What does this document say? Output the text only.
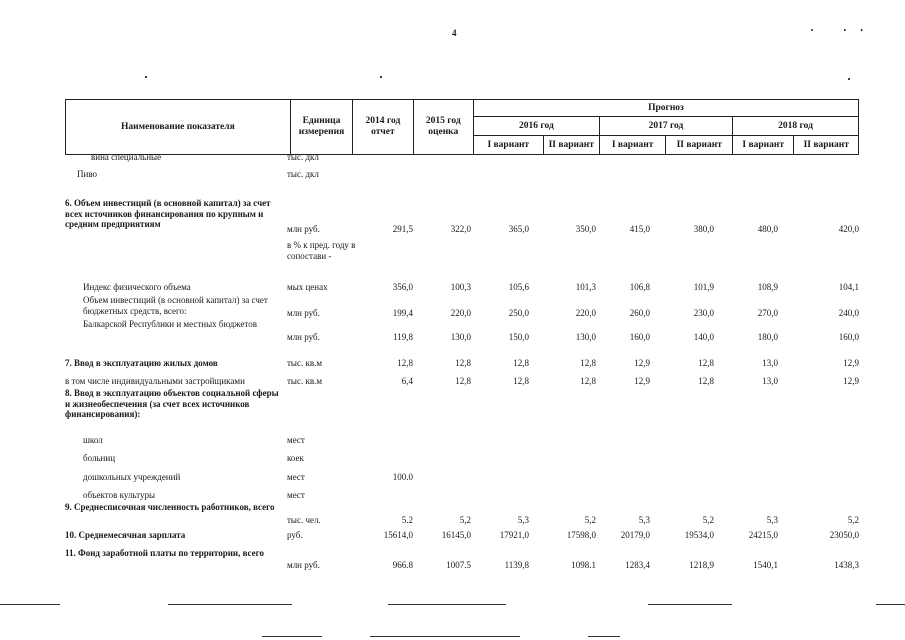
4	• ••
Наименование показателя	Единица измерения	2014 год отчет	2015 год оценка	Прогноз					
				2016 год		2017 год		2018 год	
				I вариант	II вариант	I вариант	II вариант	I вариант	II вариант
вина специальные	тыс. дкл
Пиво	тыс. дкл
6. Объем инвестиций (в основной капитал) за счет всех источников финансирования по крупным и средним предприятиям	млн руб.	291,5	322,0	365,0	350,0	415,0	380,0	480,0	420,0
в % к пред. году в сопостави -
Индекс физического объема	мых ценах	356,0	100,3	105,6	101,3	106,8	101,9	108,9	104,1
Объем инвестиций (в основной капитал) за счет бюджетных средств, всего:	млн руб.	199,4	220,0	250,0	220,0	260,0	230,0	270,0	240,0
Балкарской Республики и местных бюджетов
млн руб.	119,8	130,0	150,0	130,0	160,0	140,0	180,0	160,0
7. Ввод в эксплуатацию жилых домов	тыс. кв.м	12,8	12,8	12,8	12,8	12,9	12,8	13,0	12,9
в том числе индивидуальными застройщиками	тыс. кв.м	6,4	12,8	12,8	12,8	12,9	12,8	13,0	12,9
8. Ввод в эксплуатацию объектов социальной сферы и жизнеобеспечения (за счет всех источников финансирования):
школ	мест
больниц	коек
дошкольных учреждений	мест	100.0
объектов культуры	мест
9. Среднесписочная численность работников, всего
тыс. чел.	5.2	5,2	5,3	5,2	5,3	5,2	5,3	5,2
10. Среднемесячная зарплата	руб.	15614,0	16145,0	17921,0	17598,0	20179,0	19534,0	24215,0	23050,0
11. Фонд заработной платы по территории, всего
млн руб.	966.8	1007.5	1139,8	1098.1	1283,4	1218,9	1540,1	1438,3
